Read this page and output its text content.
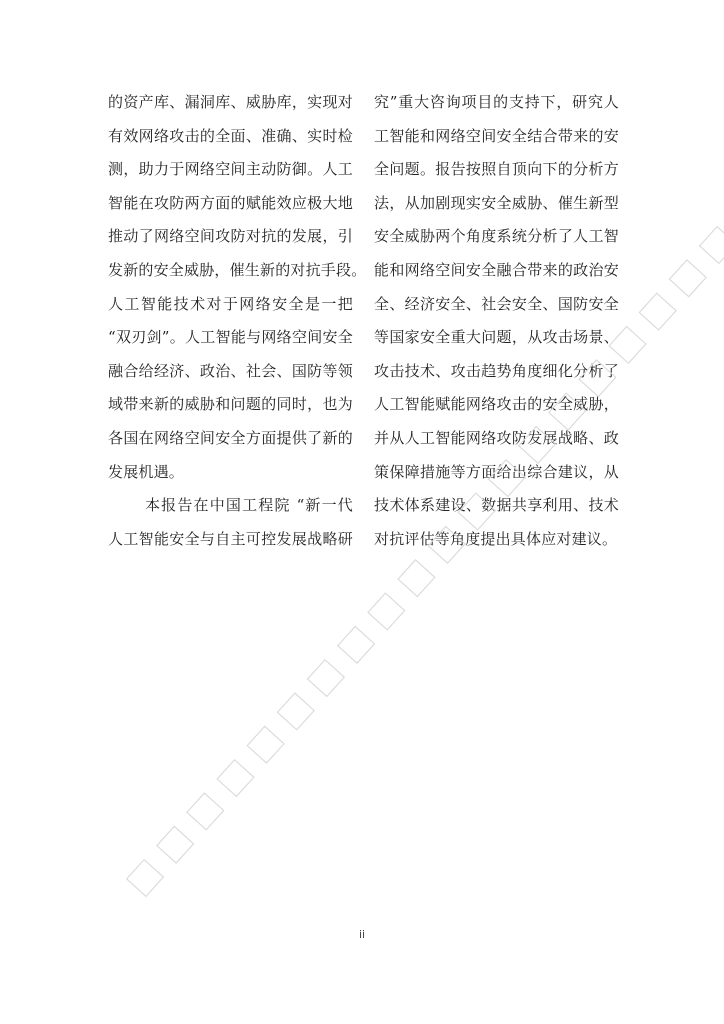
的资产库、漏洞库、威胁库，实现对
有效网络攻击的全面、准确、实时检
测，助力于网络空间主动防御。人工
智能在攻防两方面的赋能效应极大地
推动了网络空间攻防对抗的发展，引
发新的安全威胁，催生新的对抗手段。
人工智能技术对于网络安全是一把
“双刃剑”。人工智能与网络空间安全
融合给经济、政治、社会、国防等领
域带来新的威胁和问题的同时，也为
各国在网络空间安全方面提供了新的
发展机遇。
本报告在中国工程院 “新一代
人工智能安全与自主可控发展战略研
究”重大咨询项目的支持下，研究人
工智能和网络空间安全结合带来的安
全问题。报告按照自顶向下的分析方
法，从加剧现实安全威胁、催生新型
安全威胁两个角度系统分析了人工智
能和网络空间安全融合带来的政治安
全、经济安全、社会安全、国防安全
等国家安全重大问题，从攻击场景、
攻击技术、攻击趋势角度细化分析了
人工智能赋能网络攻击的安全威胁，
并从人工智能网络攻防发展战略、政
策保障措施等方面给出综合建议，从
技术体系建设、数据共享利用、技术
对抗评估等角度提出具体应对建议。
ii
